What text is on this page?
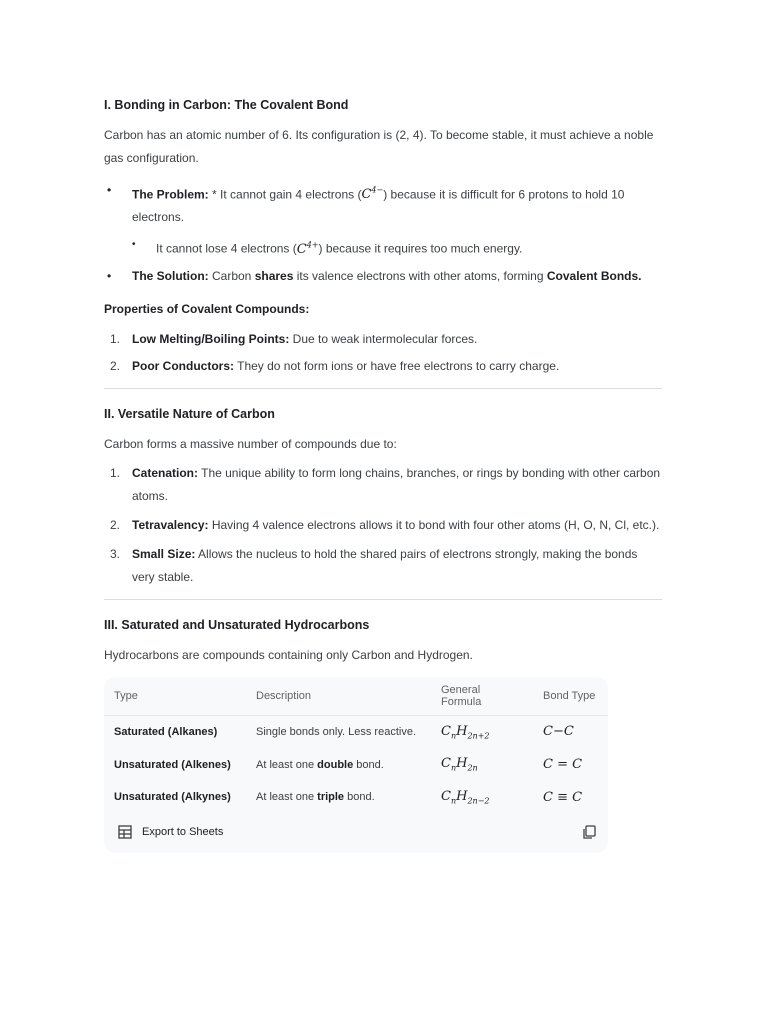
I. Bonding in Carbon: The Covalent Bond

Carbon has an atomic number of 6. Its configuration is (2, 4). To become stable, it must achieve a noble gas configuration.

• The Problem: * It cannot gain 4 electrons $(C^{4-})$ because it is difficult for 6 protons to hold 10 electrons.
• It cannot lose 4 electrons $(C^{4+})$ because it requires too much energy.
• The Solution: Carbon shares its valence electrons with other atoms, forming Covalent Bonds.
Properties of Covalent Compounds:
1. Low Melting/Boiling Points: Due to weak intermolecular forces.
2. Poor Conductors: They do not form ions or have free electrons to carry charge.
II. Versatile Nature of Carbon

Carbon forms a massive number of compounds due to:

1. Catenation: The unique ability to form long chains, branches, or rings by bonding with other carbon atoms.
2. Tetravalency: Having 4 valence electrons allows it to bond with four other atoms (H, O, N, Cl, etc.).
3. Small Size: Allows the nucleus to hold the shared pairs of electrons strongly, making the bonds very stable.
III. Saturated and Unsaturated Hydrocarbons

Hydrocarbons are compounds containing only Carbon and Hydrogen.

Type	Description	General Formula	Bond Type
Saturated (Alkanes)	Single bonds only. Less reactive.	$C_nH_{2n+2}$	C−C
Unsaturated (Alkenes)	At least one double bond.	$C_nH_{2n}$	C = C
Unsaturated (Alkynes)	At least one triple bond.	$C_nH_{2n-2}$	C ≡ C
Export to Sheets
